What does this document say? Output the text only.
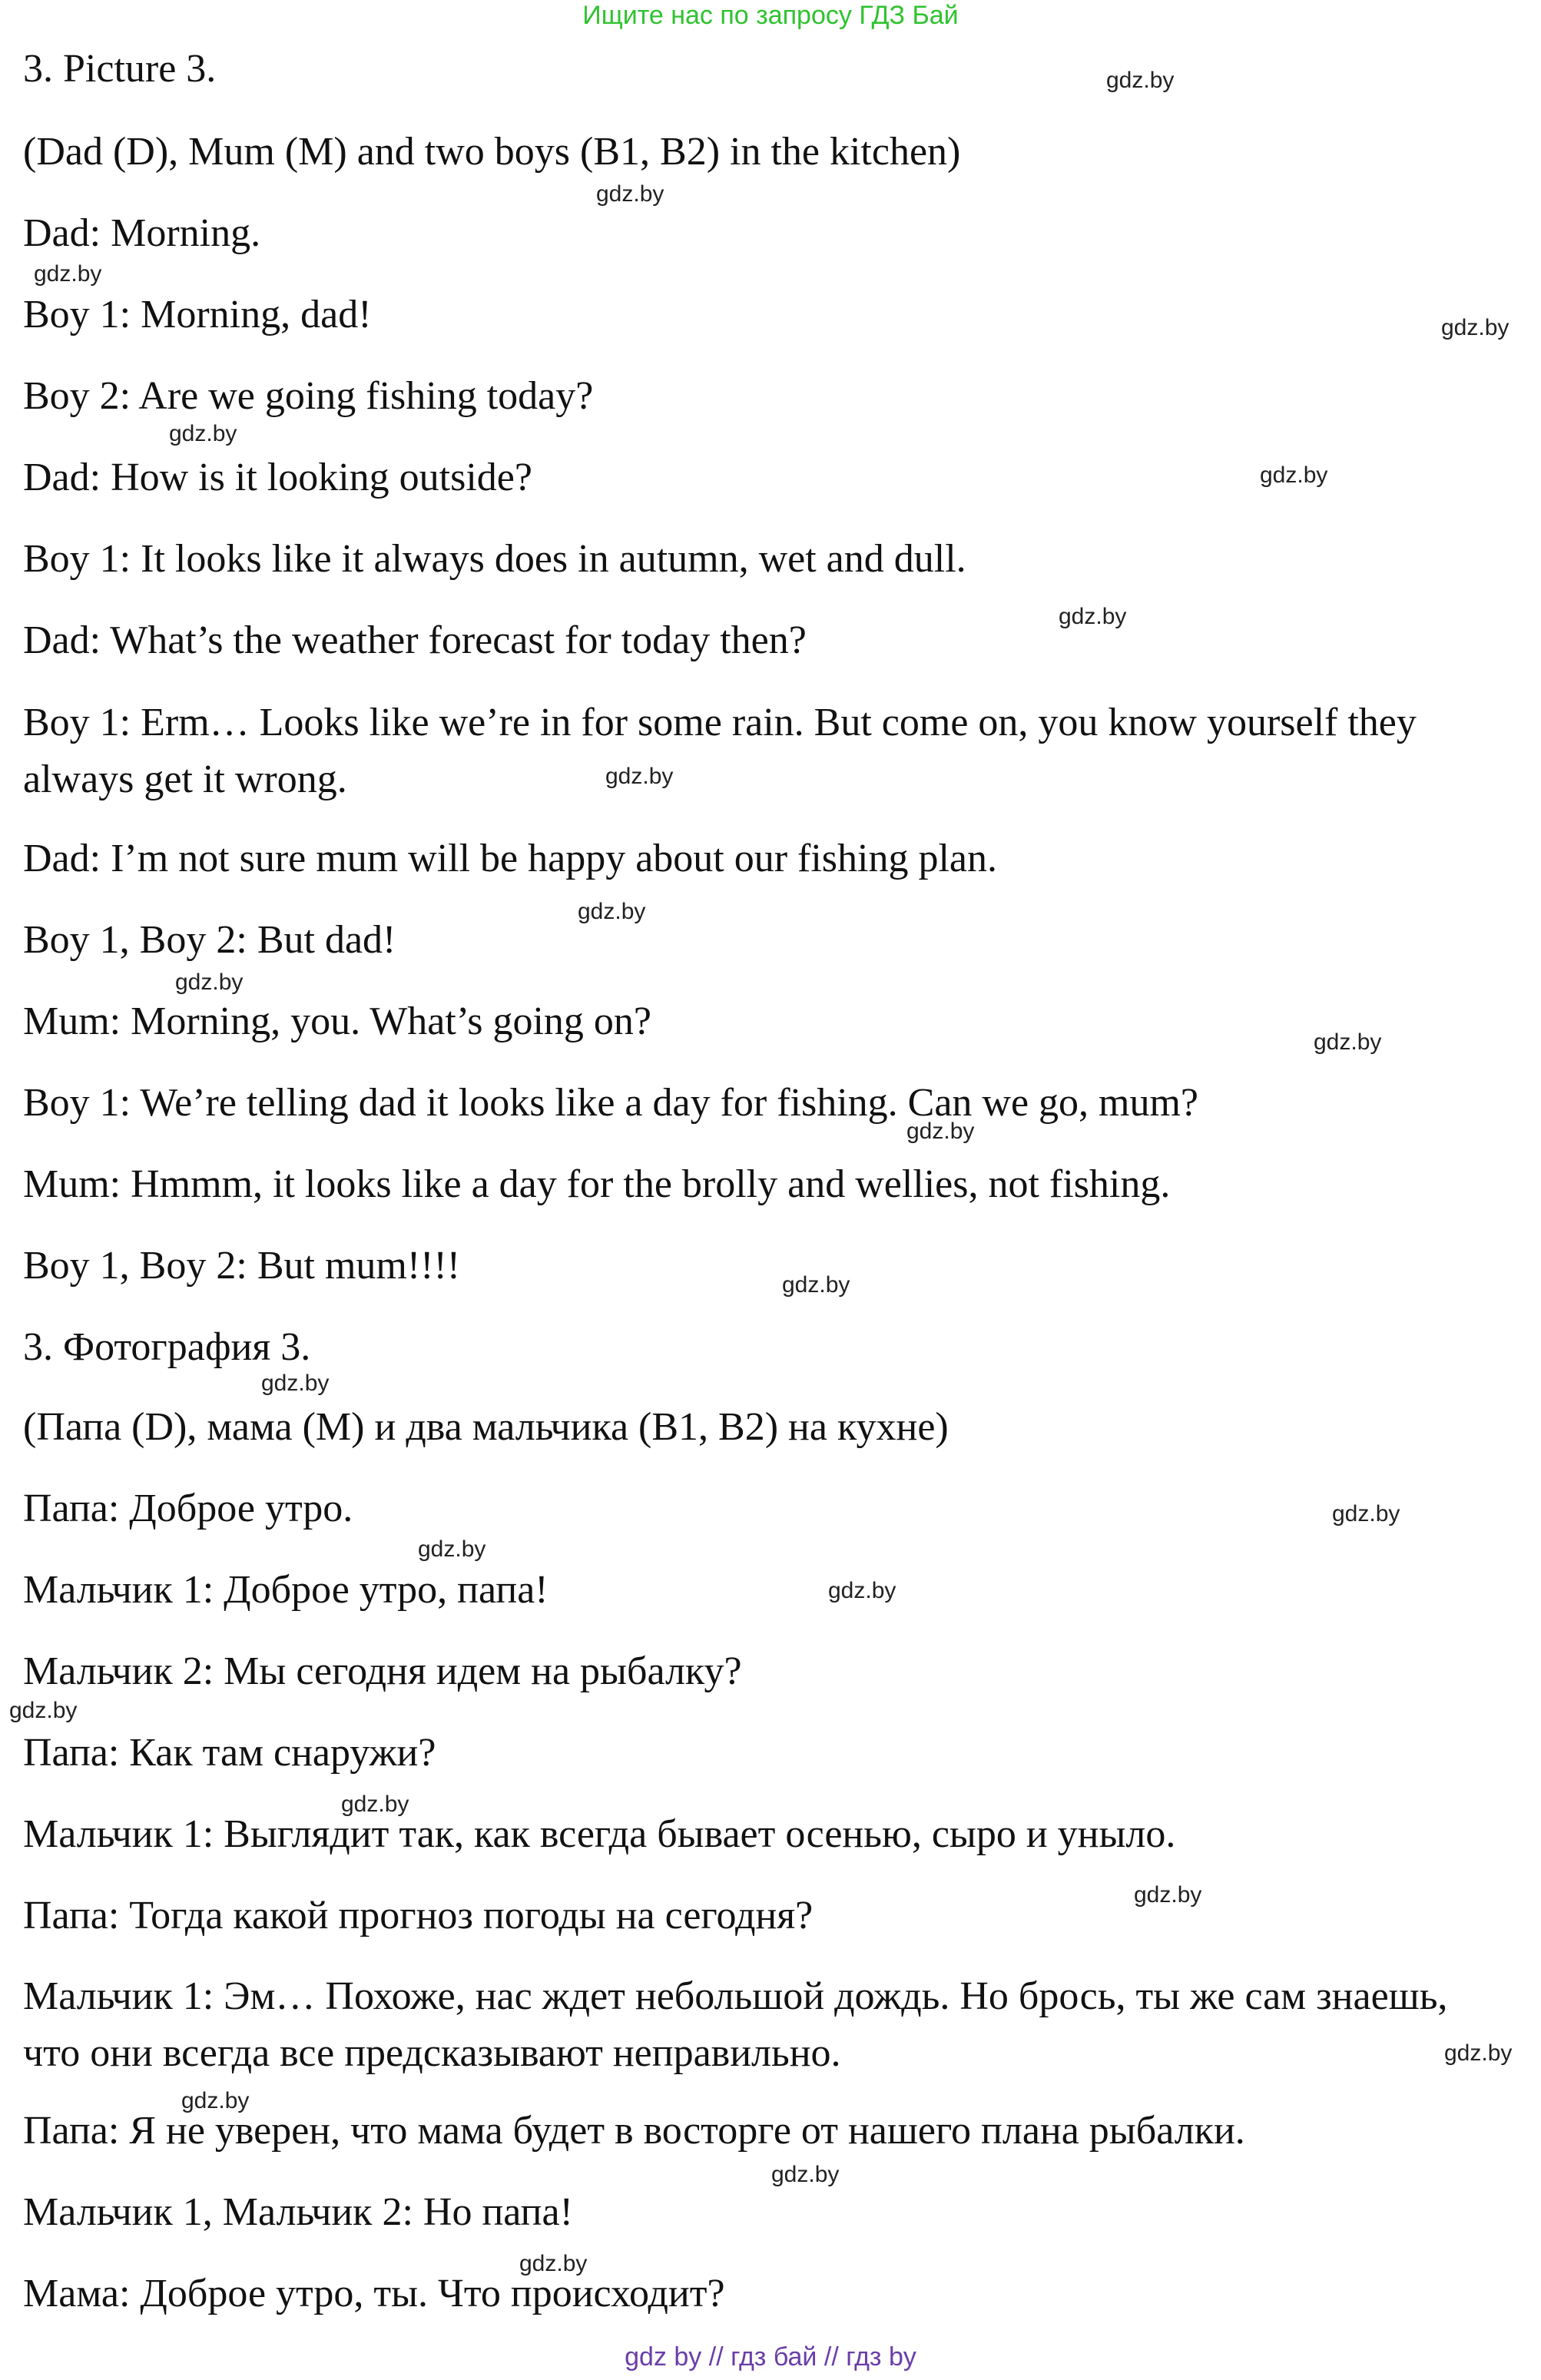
Ищите нас по запросу ГДЗ Бай
3. Picture 3.
(Dad (D), Mum (M) and two boys (B1, B2) in the kitchen)
Dad: Morning.
Boy 1: Morning, dad!
Boy 2: Are we going fishing today?
Dad: How is it looking outside?
Boy 1: It looks like it always does in autumn, wet and dull.
Dad: What’s the weather forecast for today then?
Boy 1: Erm… Looks like we’re in for some rain. But come on, you know yourself they always get it wrong.
Dad: I’m not sure mum will be happy about our fishing plan.
Boy 1, Boy 2: But dad!
Mum: Morning, you. What’s going on?
Boy 1: We’re telling dad it looks like a day for fishing. Can we go, mum?
Mum: Hmmm, it looks like a day for the brolly and wellies, not fishing.
Boy 1, Boy 2: But mum!!!!
3. Фотография 3.
(Папа (D), мама (M) и два мальчика (B1, B2) на кухне)
Папа: Доброе утро.
Мальчик 1: Доброе утро, папа!
Мальчик 2: Мы сегодня идем на рыбалку?
Папа: Как там снаружи?
Мальчик 1: Выглядит так, как всегда бывает осенью, сыро и уныло.
Папа: Тогда какой прогноз погоды на сегодня?
Мальчик 1: Эм… Похоже, нас ждет небольшой дождь. Но брось, ты же сам знаешь, что они всегда все предсказывают неправильно.
Папа: Я не уверен, что мама будет в восторге от нашего плана рыбалки.
Мальчик 1, Мальчик 2: Но папа!
Мама: Доброе утро, ты. Что происходит?
gdz.by
gdz.by
gdz.by
gdz.by
gdz.by
gdz.by
gdz.by
gdz.by
gdz.by
gdz.by
gdz.by
gdz.by
gdz.by
gdz.by
gdz.by
gdz.by
gdz.by
gdz.by
gdz.by
gdz.by
gdz.by
gdz.by
gdz.by
gdz.by
gdz by // гдз бай // гдз by
